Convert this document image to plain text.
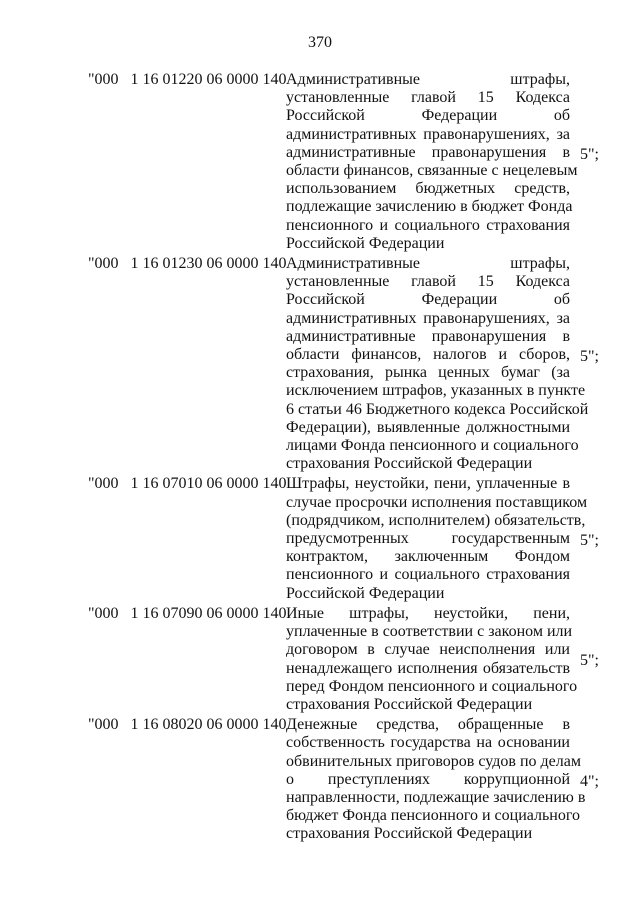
370
"000   1 16 01220 06 0000 140 Административные штрафы,
установленные главой 15 Кодекса
Российской Федерации об
административных правонарушениях, за
административные правонарушения в
области финансов, связанные с нецелевым
использованием бюджетных средств,
подлежащие зачислению в бюджет Фонда
пенсионного и социального страхования
Российской Федерации
5";
"000   1 16 01230 06 0000 140 Административные штрафы,
установленные главой 15 Кодекса
Российской Федерации об
административных правонарушениях, за
административные правонарушения в
области финансов, налогов и сборов,
страхования, рынка ценных бумаг (за
исключением штрафов, указанных в пункте
6 статьи 46 Бюджетного кодекса Российской
Федерации), выявленные должностными
лицами Фонда пенсионного и социального
страхования Российской Федерации
5";
"000   1 16 07010 06 0000 140 Штрафы, неустойки, пени, уплаченные в
случае просрочки исполнения поставщиком
(подрядчиком, исполнителем) обязательств,
предусмотренных государственным
контрактом, заключенным Фондом
пенсионного и социального страхования
Российской Федерации
5";
"000   1 16 07090 06 0000 140 Иные штрафы, неустойки, пени,
уплаченные в соответствии с законом или
договором в случае неисполнения или
ненадлежащего исполнения обязательств
перед Фондом пенсионного и социального
страхования Российской Федерации
5";
"000   1 16 08020 06 0000 140 Денежные средства, обращенные в
собственность государства на основании
обвинительных приговоров судов по делам
о преступлениях коррупционной
направленности, подлежащие зачислению в
бюджет Фонда пенсионного и социального
страхования Российской Федерации
4";
